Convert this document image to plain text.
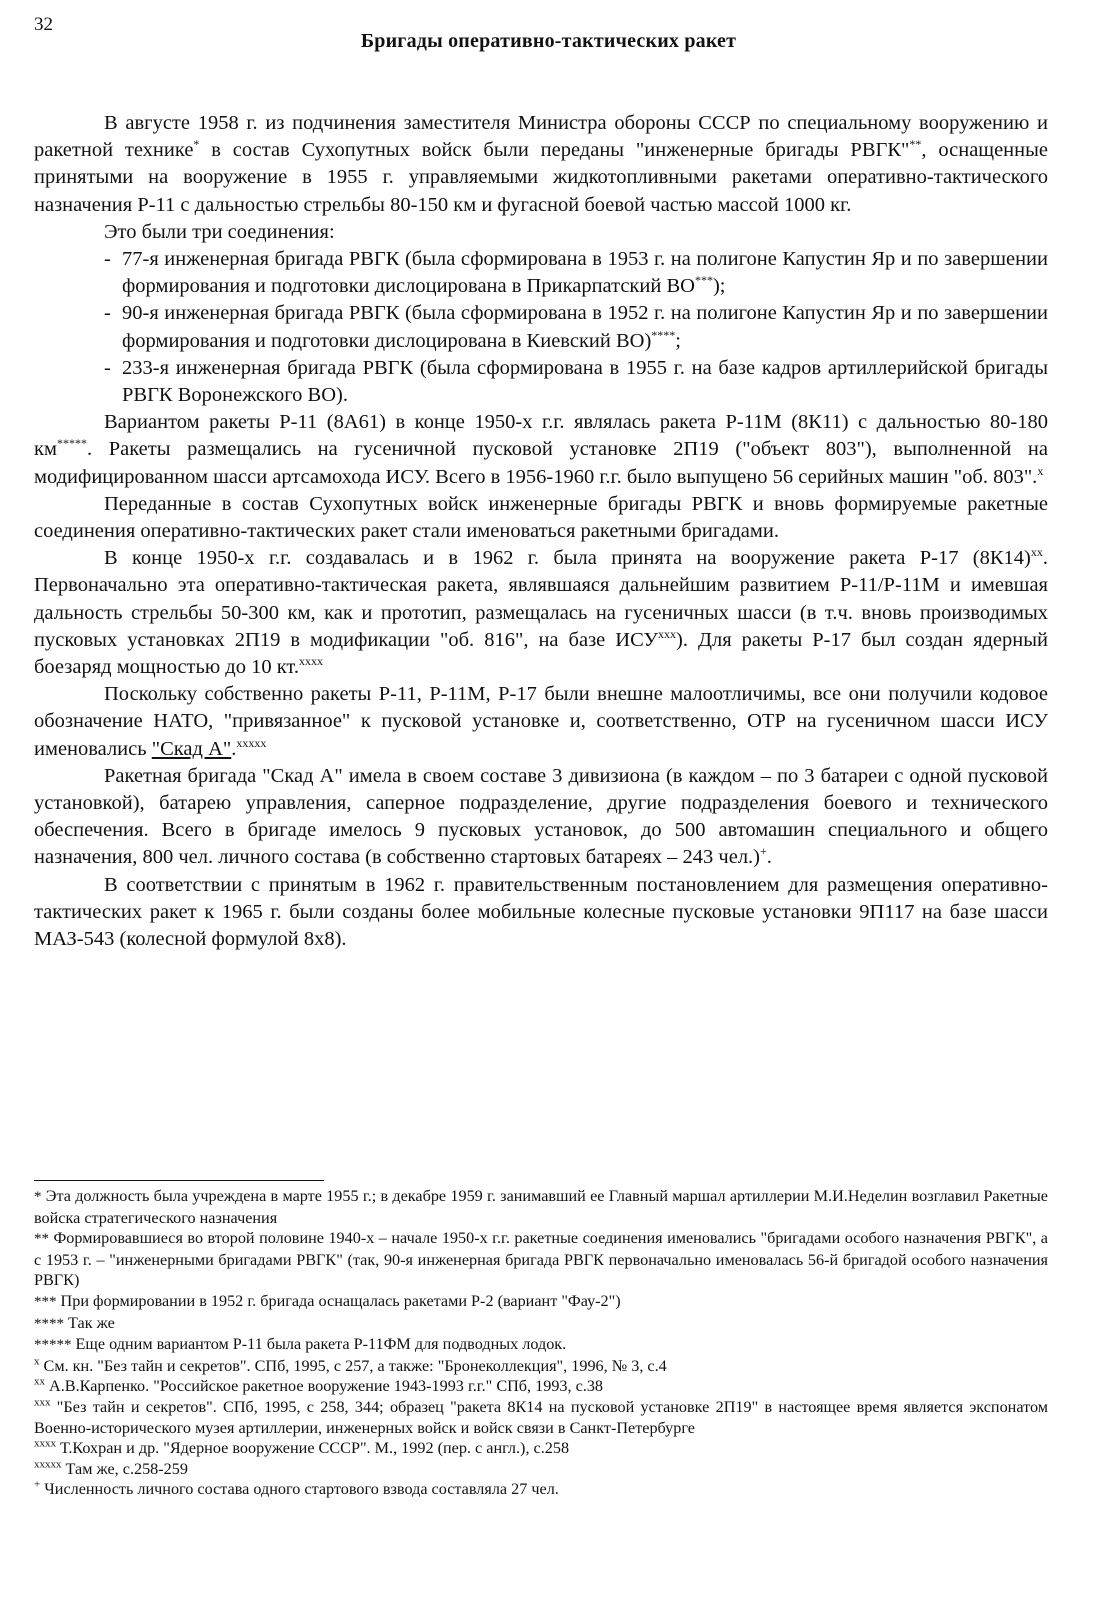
32
Бригады оперативно-тактических ракет

В августе 1958 г. из подчинения заместителя Министра обороны СССР по специальному вооружению и ракетной технике* в состав Сухопутных войск были переданы "инженерные бригады РВГК"**, оснащенные принятыми на вооружение в 1955 г. управляемыми жидкотопливными ракетами оперативно-тактического назначения Р-11 с дальностью стрельбы 80-150 км и фугасной боевой частью массой 1000 кг.

Это были три соединения:

- 77-я инженерная бригада РВГК (была сформирована в 1953 г. на полигоне Капустин Яр и по завершении формирования и подготовки дислоцирована в Прикарпатский ВО***);
- 90-я инженерная бригада РВГК (была сформирована в 1952 г. на полигоне Капустин Яр и по завершении формирования и подготовки дислоцирована в Киевский ВО)****;
- 233-я инженерная бригада РВГК (была сформирована в 1955 г. на базе кадров артиллерийской бригады РВГК Воронежского ВО).

Вариантом ракеты Р-11 (8А61) в конце 1950-х г.г. являлась ракета Р-11М (8К11) с дальностью 80-180 км*****. Ракеты размещались на гусеничной пусковой установке 2П19 ("объект 803"), выполненной на модифицированном шасси артсамохода ИСУ. Всего в 1956-1960 г.г. было выпущено 56 серийных машин "об. 803".$^x$

Переданные в состав Сухопутных войск инженерные бригады РВГК и вновь формируемые ракетные соединения оперативно-тактических ракет стали именоваться ракетными бригадами.

В конце 1950-х г.г. создавалась и в 1962 г. была принята на вооружение ракета Р-17 $(8К14)^{xx}$. Первоначально эта оперативно-тактическая ракета, являвшаяся дальнейшим развитием Р-11/Р-11М и имевшая дальность стрельбы 50-300 км, как и прототип, размещалась на гусеничных шасси (в т.ч. вновь производимых пусковых установках 2П19 в модификации "об. 816", на базе ИСУ$^{xxx}$). Для ракеты Р-17 был создан ядерный боезаряд мощностью до 10 кт.$^{xxxx}$

Поскольку собственно ракеты Р-11, Р-11М, Р-17 были внешне малоотличимы, все они получили кодовое обозначение НАТО, "привязанное" к пусковой установке и, соответственно, ОТР на гусеничном шасси ИСУ именовались "Скад А".$^{xxxxx}$

Ракетная бригада "Скад А" имела в своем составе 3 дивизиона (в каждом – по 3 батареи с одной пусковой установкой), батарею управления, саперное подразделение, другие подразделения боевого и технического обеспечения. Всего в бригаде имелось 9 пусковых установок, до 500 автомашин специального и общего назначения, 800 чел. личного состава (в собственно стартовых батареях – 243 чел.)+.

В соответствии с принятым в 1962 г. правительственным постановлением для размещения оперативно-тактических ракет к 1965 г. были созданы более мобильные колесные пусковые установки 9П117 на базе шасси МАЗ-543 (колесной формулой 8х8).

* Эта должность была учреждена в марте 1955 г.; в декабре 1959 г. занимавший ее Главный маршал артиллерии М.И.Неделин возглавил Ракетные войска стратегического назначения

** Формировавшиеся во второй половине 1940-х – начале 1950-х г.г. ракетные соединения именовались "бригадами особого назначения РВГК", а с 1953 г. – "инженерными бригадами РВГК" (так, 90-я инженерная бригада РВГК первоначально именовалась 56-й бригадой особого назначения РВГК)

*** При формировании в 1952 г. бригада оснащалась ракетами Р-2 (вариант "Фау-2")

**** Так же

***** Еще одним вариантом Р-11 была ракета Р-11ФМ для подводных лодок.

$^x$ См. кн. "Без тайн и секретов". СПб, 1995, с 257, а также: "Бронеколлекция", 1996, № 3, с.4

$^{xx}$ А.В.Карпенко. "Российское ракетное вооружение 1943-1993 г.г." СПб, 1993, с.38

$^{xxx}$ "Без тайн и секретов". СПб, 1995, с 258, 344; образец "ракета 8К14 на пусковой установке 2П19" в настоящее время является экспонатом Военно-исторического музея артиллерии, инженерных войск и войск связи в Санкт-Петербурге

$^{xxxx}$ Т.Кохран и др. "Ядерное вооружение СССР". М., 1992 (пер. с англ.), с.258

$^{xxxxx}$ Там же, с.258-259

+ Численность личного состава одного стартового взвода составляла 27 чел.
